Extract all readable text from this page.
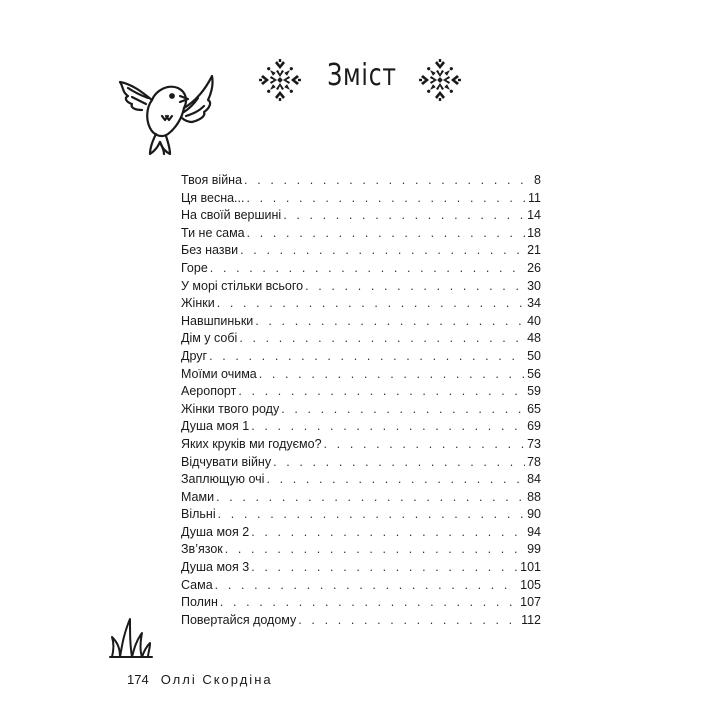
Зміст
Твоя війна . . .	8
Ця весна... . . .	11
На своїй вершині . . .	14
Ти не сама . . .	18
Без назви . . .	21
Горе . . .	26
У морі стільки всього . . .	30
Жінки . . .	34
Навшпиньки . . .	40
Дім у собі . . .	48
Друг . . .	50
Моїми очима . . .	56
Аеропорт . . .	59
Жінки твого роду . . .	65
Душа моя 1 . . .	69
Яких круків ми годуємо? . . .	73
Відчувати війну . . .	78
Заплющую очі . . .	84
Мами . . .	88
Вільні . . .	90
Душа моя 2 . . .	94
Зв’язок . . .	99
Душа моя 3 . . .	101
Сама . . .	105
Полин . . .	107
Повертайся додому . . .	112
174 Оллі Скордіна
